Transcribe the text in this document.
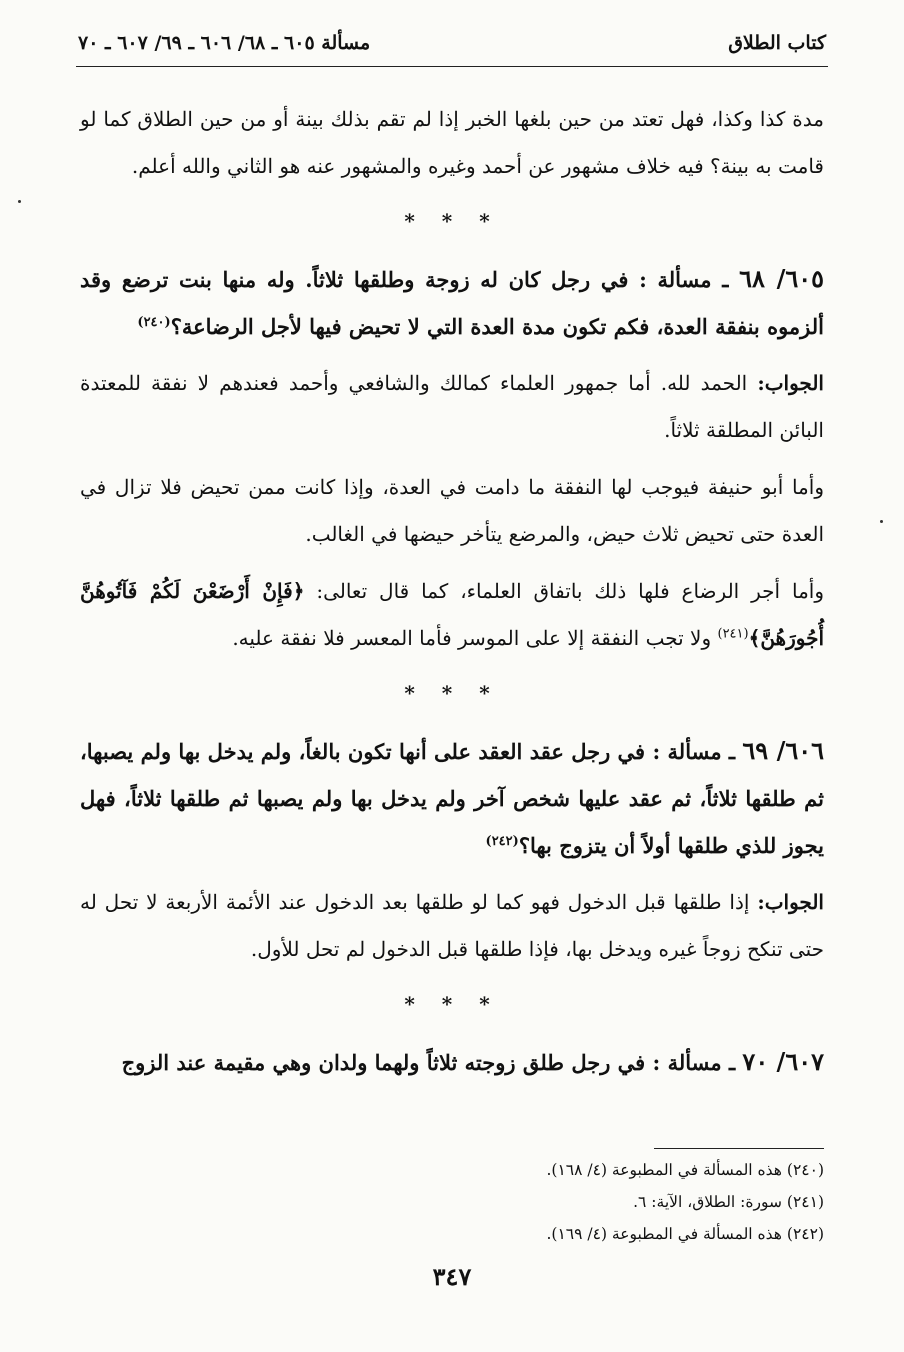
كتاب الطلاق
مسألة ٦٠٥ ـ ٦٨/ ٦٠٦ ـ ٦٩/ ٦٠٧ ـ ٧٠

مدة كذا وكذا، فهل تعتد من حين بلغها الخبر إذا لم تقم بذلك بينة أو من حين الطلاق كما لو قامت به بينة؟ فيه خلاف مشهور عن أحمد وغيره والمشهور عنه هو الثاني والله أعلم.

* * *

٦٠٥/ ٦٨ ـ مسألة : في رجل كان له زوجة وطلقها ثلاثاً. وله منها بنت ترضع وقد ألزموه بنفقة العدة، فكم تكون مدة العدة التي لا تحيض فيها لأجل الرضاعة؟$^{(٢٤٠)}$

الجواب: الحمد لله. أما جمهور العلماء كمالك والشافعي وأحمد فعندهم لا نفقة للمعتدة البائن المطلقة ثلاثاً.

وأما أبو حنيفة فيوجب لها النفقة ما دامت في العدة، وإذا كانت ممن تحيض فلا تزال في العدة حتى تحيض ثلاث حيض، والمرضع يتأخر حيضها في الغالب.

وأما أجر الرضاع فلها ذلك باتفاق العلماء، كما قال تعالى: ﴿فَإِنْ أَرْضَعْنَ لَكُمْ فَآتُوهُنَّ أُجُورَهُنَّ﴾$^{(٢٤١)}$ ولا تجب النفقة إلا على الموسر فأما المعسر فلا نفقة عليه.

* * *

٦٠٦/ ٦٩ ـ مسألة : في رجل عقد العقد على أنها تكون بالغاً، ولم يدخل بها ولم يصبها، ثم طلقها ثلاثاً، ثم عقد عليها شخص آخر ولم يدخل بها ولم يصبها ثم طلقها ثلاثاً، فهل يجوز للذي طلقها أولاً أن يتزوج بها؟$^{(٢٤٢)}$

الجواب: إذا طلقها قبل الدخول فهو كما لو طلقها بعد الدخول عند الأئمة الأربعة لا تحل له حتى تنكح زوجاً غيره ويدخل بها، فإذا طلقها قبل الدخول لم تحل للأول.

* * *

٦٠٧/ ٧٠ ـ مسألة : في رجل طلق زوجته ثلاثاً ولهما ولدان وهي مقيمة عند الزوج

(٢٤٠) هذه المسألة في المطبوعة (٤/ ١٦٨).
(٢٤١) سورة: الطلاق، الآية: ٦.
(٢٤٢) هذه المسألة في المطبوعة (٤/ ١٦٩).
٣٤٧
